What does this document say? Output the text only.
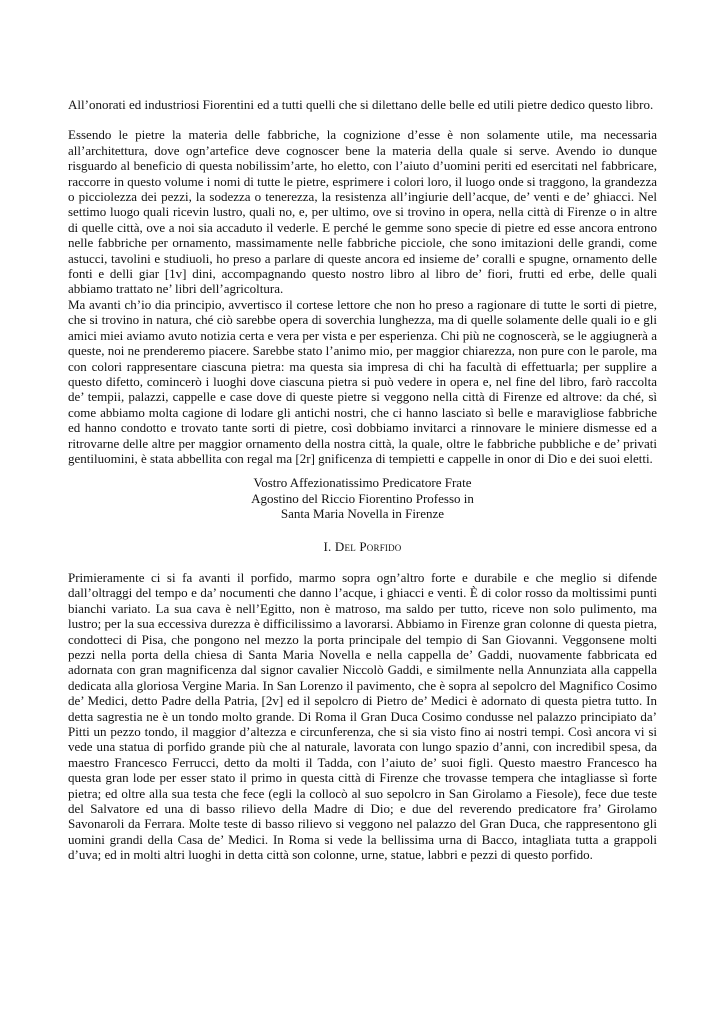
All’onorati ed industriosi Fiorentini ed a tutti quelli che si dilettano delle belle ed utili pietre dedico questo libro.

Essendo le pietre la materia delle fabbriche, la cognizione d’esse è non solamente utile, ma necessaria all’architettura, dove ogn’artefice deve cognoscer bene la materia della quale si serve. Avendo io dunque risguardo al beneficio di questa nobilissim’arte, ho eletto, con l’aiuto d’uomini periti ed esercitati nel fabbricare, raccorre in questo volume i nomi di tutte le pietre, esprimere i colori loro, il luogo onde si traggono, la grandezza o picciolezza dei pezzi, la sodezza o tenerezza, la resistenza all’ingiurie dell’acque, de’ venti e de’ ghiacci. Nel settimo luogo quali ricevin lustro, quali no, e, per ultimo, ove si trovino in opera, nella città di Firenze o in altre di quelle città, ove a noi sia accaduto il vederle. E perché le gemme sono specie di pietre ed esse ancora entrono nelle fabbriche per ornamento, massimamente nelle fabbriche picciole, che sono imitazioni delle grandi, come astucci, tavolini e studiuoli, ho preso a parlare di queste ancora ed insieme de’ coralli e spugne, ornamento delle fonti e delli giar [1v] dini, accompagnando questo nostro libro al libro de’ fiori, frutti ed erbe, delle quali abbiamo trattato ne’ libri dell’agricoltura.

Ma avanti ch’io dia principio, avvertisco il cortese lettore che non ho preso a ragionare di tutte le sorti di pietre, che si trovino in natura, ché ciò sarebbe opera di soverchia lunghezza, ma di quelle solamente delle quali io e gli amici miei aviamo avuto notizia certa e vera per vista e per esperienza. Chi più ne cognoscerà, se le aggiugnerà a queste, noi ne prenderemo piacere. Sarebbe stato l’animo mio, per maggior chiarezza, non pure con le parole, ma con colori rappresentare ciascuna pietra: ma questa sia impresa di chi ha facultà di effettuarla; per supplire a questo difetto, comincerò i luoghi dove ciascuna pietra si può vedere in opera e, nel fine del libro, farò raccolta de’ tempii, palazzi, cappelle e case dove di queste pietre si veggono nella città di Firenze ed altrove: da ché, sì come abbiamo molta cagione di lodare gli antichi nostri, che ci hanno lasciato sì belle e maravigliose fabbriche ed hanno condotto e trovato tante sorti di pietre, così dobbiamo invitarci a rinnovare le miniere dismesse ed a ritrovarne delle altre per maggior ornamento della nostra città, la quale, oltre le fabbriche pubbliche e de’ privati gentiluomini, è stata abbellita con regal ma [2r] gnificenza di tempietti e cappelle in onor di Dio e dei suoi eletti.

Vostro Affezionatissimo Predicatore Frate
Agostino del Riccio Fiorentino Professo in
Santa Maria Novella in Firenze
I. Del Porfido

Primieramente ci si fa avanti il porfido, marmo sopra ogn’altro forte e durabile e che meglio si difende dall’oltraggi del tempo e da’ nocumenti che danno l’acque, i ghiacci e venti. È di color rosso da moltissimi punti bianchi variato. La sua cava è nell’Egitto, non è matroso, ma saldo per tutto, riceve non solo pulimento, ma lustro; per la sua eccessiva durezza è difficilissimo a lavorarsi. Abbiamo in Firenze gran colonne di questa pietra, condotteci di Pisa, che pongono nel mezzo la porta principale del tempio di San Giovanni. Veggonsene molti pezzi nella porta della chiesa di Santa Maria Novella e nella cappella de’ Gaddi, nuovamente fabbricata ed adornata con gran magnificenza dal signor cavalier Niccolò Gaddi, e similmente nella Annunziata alla cappella dedicata alla gloriosa Vergine Maria. In San Lorenzo il pavimento, che è sopra al sepolcro del Magnifico Cosimo de’ Medici, detto Padre della Patria, [2v] ed il sepolcro di Pietro de’ Medici è adornato di questa pietra tutto. In detta sagrestia ne è un tondo molto grande. Di Roma il Gran Duca Cosimo condusse nel palazzo principiato da’ Pitti un pezzo tondo, il maggior d’altezza e circunferenza, che si sia visto fino ai nostri tempi. Così ancora vi si vede una statua di porfido grande più che al naturale, lavorata con lungo spazio d’anni, con incredibil spesa, da maestro Francesco Ferrucci, detto da molti il Tadda, con l’aiuto de’ suoi figli. Questo maestro Francesco ha questa gran lode per esser stato il primo in questa città di Firenze che trovasse tempera che intagliasse sì forte pietra; ed oltre alla sua testa che fece (egli la collocò al suo sepolcro in San Girolamo a Fiesole), fece due teste del Salvatore ed una di basso rilievo della Madre di Dio; e due del reverendo predicatore fra’ Girolamo Savonaroli da Ferrara. Molte teste di basso rilievo si veggono nel palazzo del Gran Duca, che rappresentono gli uomini grandi della Casa de’ Medici. In Roma si vede la bellissima urna di Bacco, intagliata tutta a grappoli d’uva; ed in molti altri luoghi in detta città son colonne, urne, statue, labbri e pezzi di questo porfido.
